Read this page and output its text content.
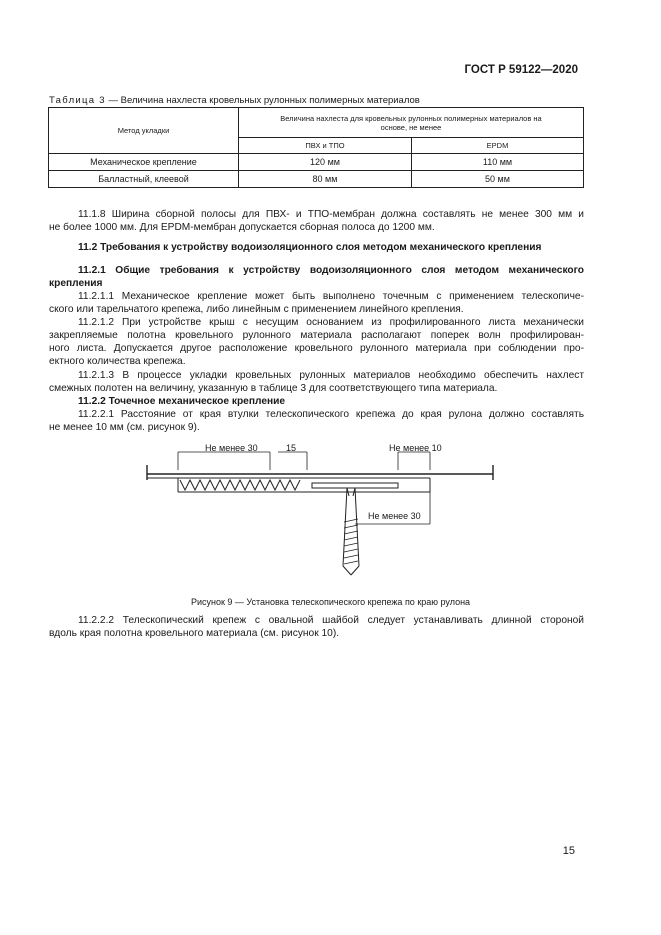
ГОСТ Р 59122—2020
Таблица 3 — Величина нахлеста кровельных рулонных полимерных материалов
Метод укладки	Величина нахлеста для кровельных рулонных полимерных материалов на
основе, не менее	

	ПВХ и ТПО	EPDM
Механическое крепление	120 мм	110 мм
Балластный, клеевой	80 мм	50 мм
11.1.8 Ширина сборной полосы для ПВХ- и ТПО-мембран должна составлять не менее 300 мм и
не более 1000 мм. Для EPDM-мембран допускается сборная полоса до 1200 мм.
11.2 Требования к устройству водоизоляционного слоя методом механического крепления
11.2.1 Общие требования к устройству водоизоляционного слоя методом механического
крепления
11.2.1.1 Механическое крепление может быть выполнено точечным с применением телескопиче-
ского или тарельчатого крепежа, либо линейным с применением линейного крепления.
11.2.1.2 При устройстве крыш с несущим основанием из профилированного листа механически
закрепляемые полотна кровельного рулонного материала располагают поперек волн профилирован-
ного листа. Допускается другое расположение кровельного рулонного материала при соблюдении про-
ектного количества крепежа.
11.2.1.3 В процессе укладки кровельных рулонных материалов необходимо обеспечить нахлест
смежных полотен на величину, указанную в таблице 3 для соответствующего типа материала.
11.2.2 Точечное механическое крепление
11.2.2.1 Расстояние от края втулки телескопического крепежа до края рулона должно составлять
не менее 10 мм (см. рисунок 9).
Не менее 30	15	Не менее 10
Не менее 30
Рисунок 9 — Установка телескопического крепежа по краю рулона
11.2.2.2 Телескопический крепеж с овальной шайбой следует устанавливать длинной стороной
вдоль края полотна кровельного материала (см. рисунок 10).
15
